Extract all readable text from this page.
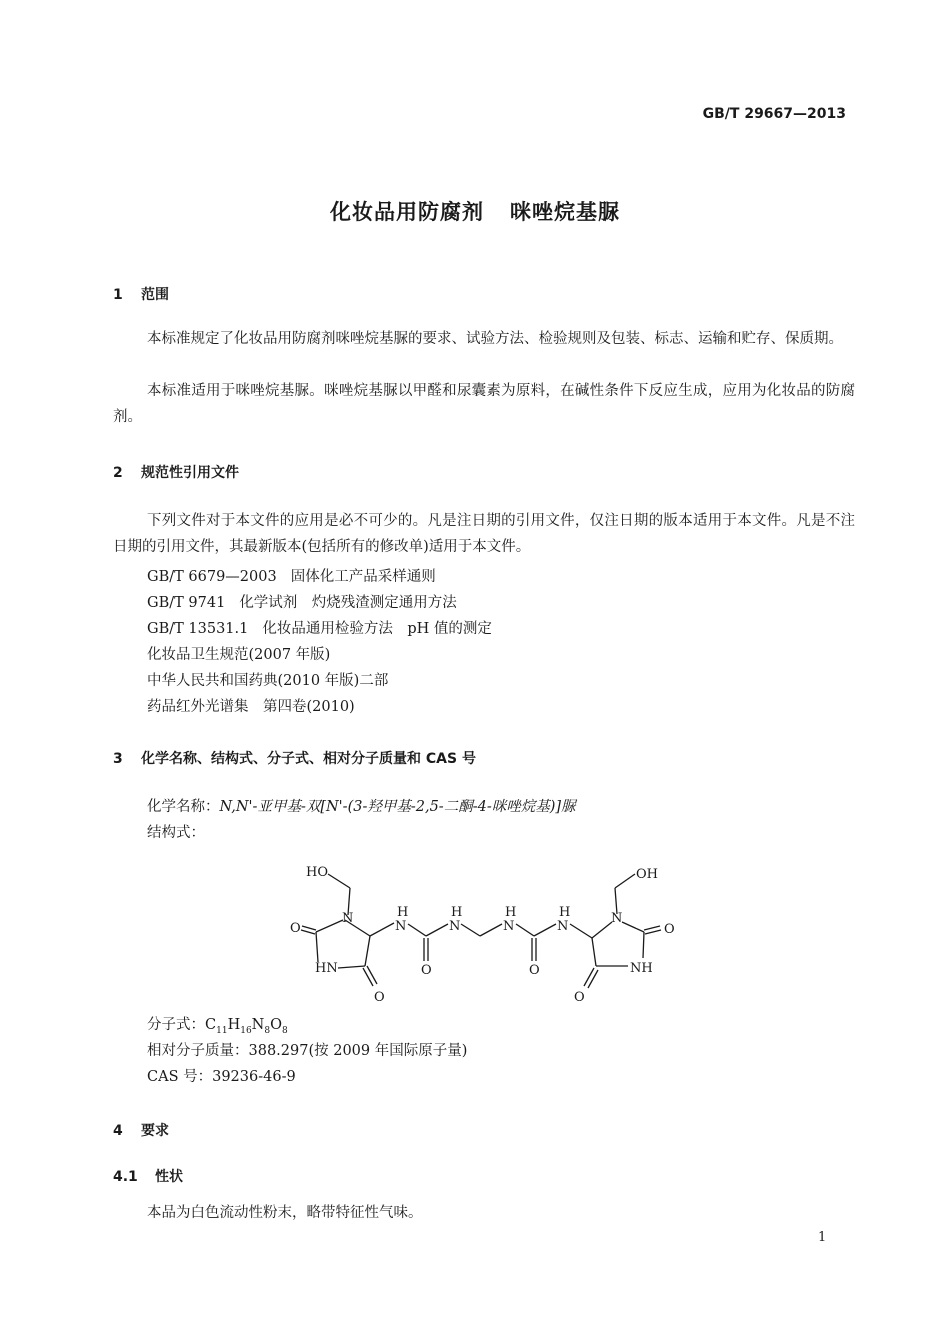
GB/T 29667—2013
化妆品用防腐剂 咪唑烷基脲
1 范围
本标准规定了化妆品用防腐剂咪唑烷基脲的要求、试验方法、检验规则及包装、标志、运输和贮存、保质期。
本标准适用于咪唑烷基脲。咪唑烷基脲以甲醛和尿囊素为原料，在碱性条件下反应生成，应用为化妆品的防腐剂。
2 规范性引用文件
下列文件对于本文件的应用是必不可少的。凡是注日期的引用文件，仅注日期的版本适用于本文件。凡是不注日期的引用文件，其最新版本(包括所有的修改单)适用于本文件。
GB/T 6679—2003 固体化工产品采样通则
GB/T 9741 化学试剂　灼烧残渣测定通用方法
GB/T 13531.1 化妆品通用检验方法　pH 值的测定
化妆品卫生规范(2007 年版)
中华人民共和国药典(2010 年版)二部
药品红外光谱集　第四卷(2010)
3 化学名称、结构式、分子式、相对分子质量和 CAS 号
化学名称：N,N'-亚甲基-双[N'-(3-羟甲基-2,5-二酮-4-咪唑烷基)]脲
结构式：
HO
N
O
HN
O
H
N
O
H
N
H
N
O
H
N
N
OH
O
NH
O
分子式：$C_{11}H_{16}N_8O_8$
相对分子质量：388.297(按 2009 年国际原子量)
CAS 号：39236-46-9
4 要求
4.1 性状
本品为白色流动性粉末，略带特征性气味。
1
